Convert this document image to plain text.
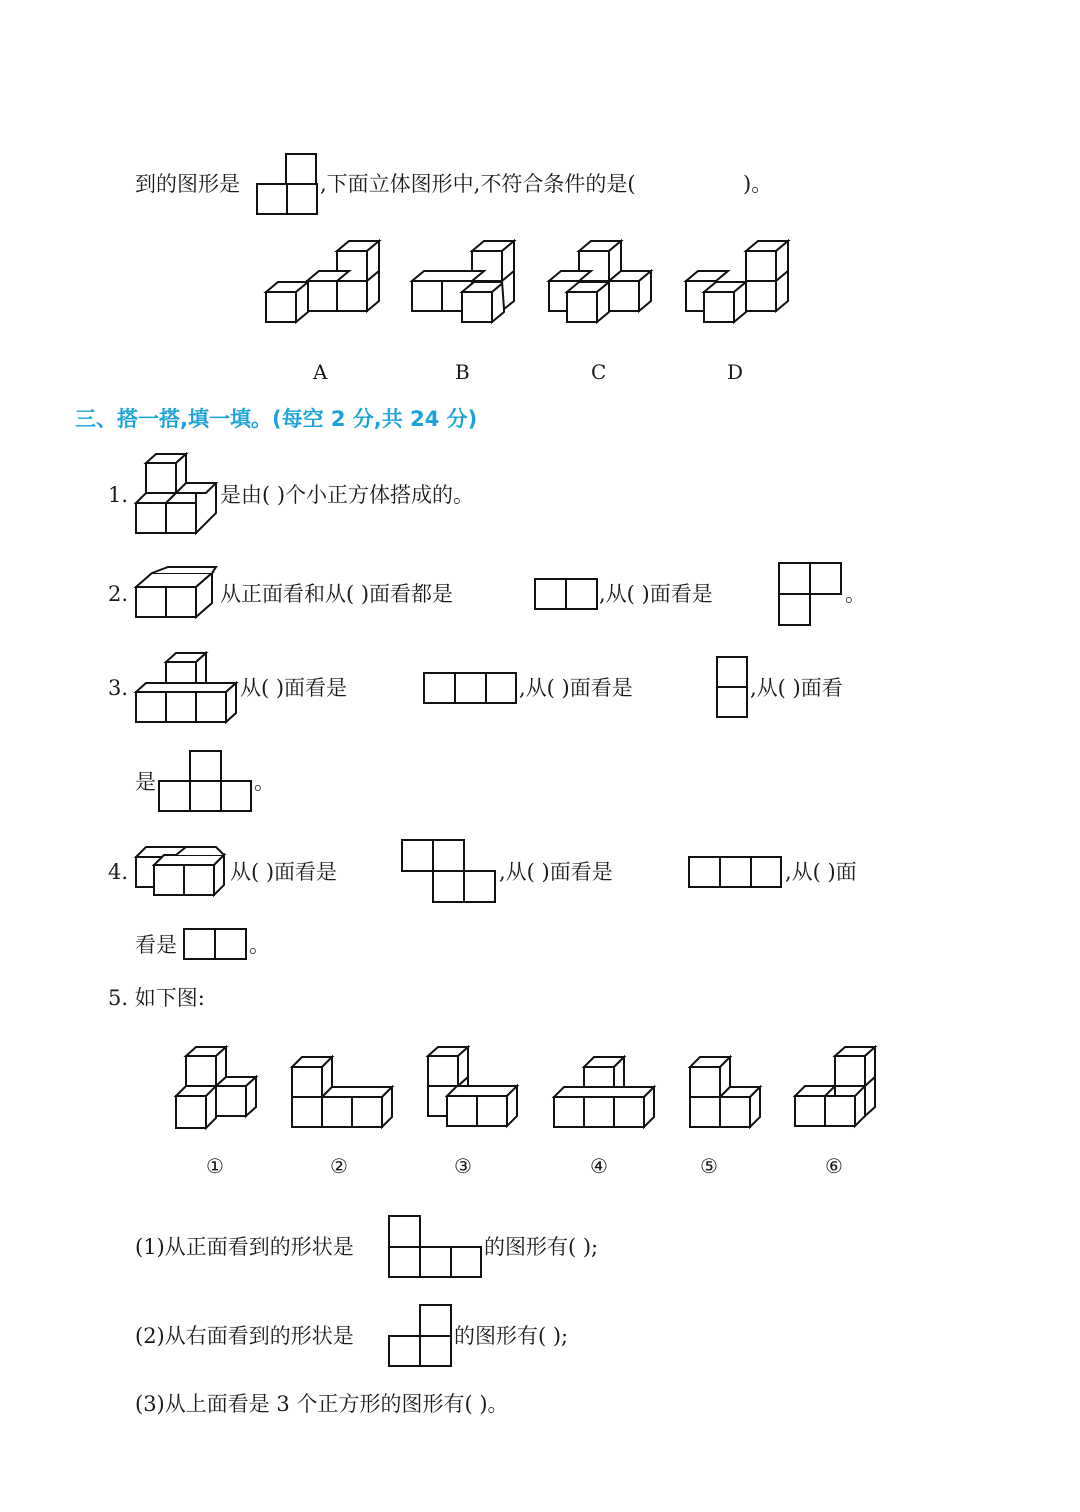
到的图形是	,下面立体图形中,不符合条件的是(	)。
A	B	C	D
三、搭一搭,填一填。(每空 2 分,共 24 分)
1.	是由( )个小正方体搭成的。
2.	从正面看和从( )面看都是	,从( )面看是	。
3.	从( )面看是	,从( )面看是	,从( )面看
是	。
4.	从( )面看是	,从( )面看是	,从( )面
看是	。
5. 如下图:
①	②	③	④	⑤	⑥
(1)从正面看到的形状是	的图形有( );
(2)从右面看到的形状是	的图形有( );
(3)从上面看是 3 个正方形的图形有( )。
